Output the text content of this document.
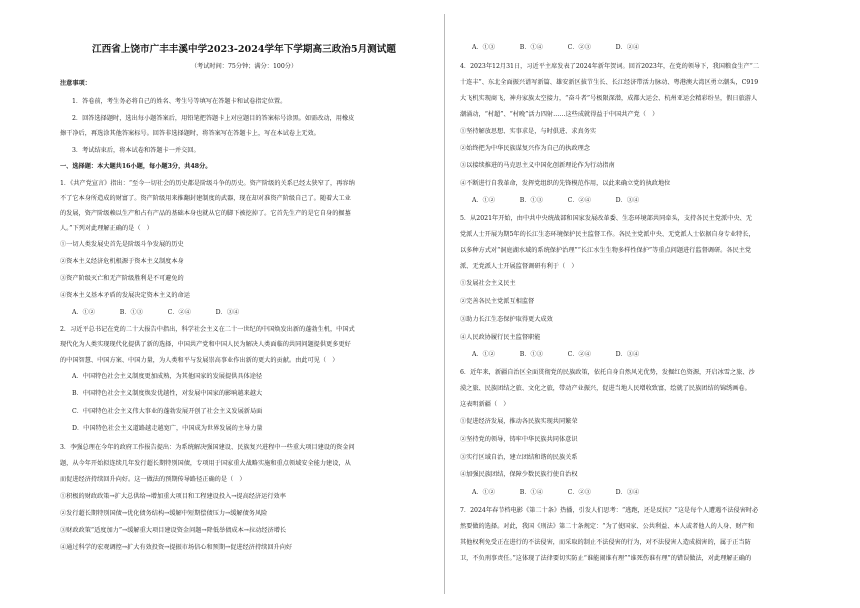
江西省上饶市广丰丰溪中学2023-2024学年下学期高三政治5月测试题
（考试时间：75分钟；满分：100分）
注意事项：
1．答卷前，考生务必将自己的姓名、考生号等填写在答题卡和试卷指定位置。
2．回答选择题时，选出每小题答案后，用铅笔把答题卡上对应题目的答案标号涂黑。如需改动，用橡皮
擦干净后，再选涂其他答案标号。回答非选择题时，将答案写在答题卡上，写在本试卷上无效。
3．考试结束后，将本试卷和答题卡一并交回。
一、选择题：本大题共16小题，每小题3分，共48分。
1．《共产党宣言》指出：“至今一切社会的历史都是阶级斗争的历史。资产阶级的关系已经太狭窄了，再容纳
不了它本身所造成的财富了。资产阶级用来推翻封建制度的武器，现在却对准资产阶级自己了。随着大工业
的发展，资产阶级赖以生产和占有产品的基础本身也就从它的脚下被挖掉了。它首先生产的是它自身的掘墓
人。”下列对此理解正确的是（　）
①一切人类发展史首先是阶级斗争发展的历史
②资本主义经济危机根源于资本主义制度本身
③资产阶级灭亡和无产阶级胜利是不可避免的
④资本主义基本矛盾的发展决定资本主义的命运
A．①②　　　　B．①③　　　　C．②④　　　　D．③④
2．习近平总书记在党的二十大报告中指出，科学社会主义在二十一世纪的中国焕发出新的蓬勃生机，中国式
现代化为人类实现现代化提供了新的选择，中国共产党和中国人民为解决人类面临的共同问题提供更多更好
的中国智慧、中国方案、中国力量，为人类和平与发展崇高事业作出新的更大的贡献。由此可见（　）
A．中国特色社会主义制度更加成熟，为其他国家的发展提供具体途径
B．中国特色社会主义制度焕发优越性，对发展中国家的影响越来越大
C．中国特色社会主义伟大事业的蓬勃发展开创了社会主义发展新局面
D．中国特色社会主义道路越走越宽广，中国成为世界发展的主导力量
3．李强总理在今年的政府工作报告提出：为系统解决强国建设、民族复兴进程中一些重大项目建设的资金问
题，从今年开始拟连续几年发行超长期特别国债，专项用于国家重大战略实施和重点领域安全能力建设，从
而促进经济持续回升向好。这一做法的预期传导路径正确的是（　）
①积极的财政政策→扩大总供给→增加重大项目和工程建设投入→提高经济运行效率
②发行超长期特别国债→优化债务结构→缓解中短期偿债压力→缓解债务风险
③财政政策“适度加力”→缓解重大项目建设资金问题→降低举债成本→拉动经济增长
④通过科学的宏观调控→扩大有效投资→提振市场信心和预期→促进经济持续回升向好
A．①③　　　　B．①④　　　　C．②③　　　　D．②④
4．2023年12月31日，习近平主席发表了2024年新年贺词。回首2023年，在党的领导下，我国粮食生产“二
十连丰”、东北全面振兴谱写新篇、雄安新区拔节生长、长江经济带活力脉动、粤港澳大湾区勇立潮头，C919
大飞机实现商飞，神舟家族太空接力，“奋斗者”号极限深潜，成都大运会、杭州亚运会精彩纷呈，假日旅游人
潮涌动，“村超”、“村晚”活力四射……这些成就得益于中国共产党（　）
①坚持解放思想、实事求是，与时俱进、求真务实
②始终把为中华民族谋复兴作为自己的执政理念
③以接续推进的马克思主义中国化创新理论作为行动指南
④不断进行自我革命，发挥党组织的先锋模范作用，以此来确立党的执政地位
A．①②　　　　B．①③　　　　C．②④　　　　D．③④
5．从2021年开始，由中共中央统战部和国家发展改革委、生态环境部共同牵头，支持各民主党派中央、无
党派人士开展为期5年的长江生态环境保护民主监督工作。各民主党派中央、无党派人士依据自身专业特长，
以多种方式对“洞庭湖水域的系统保护治理”“长江水生生物多样性保护”等重点问题进行监督调研。各民主党
派、无党派人士开展监督调研有利于（　）
①发展社会主义民主
②完善各民主党派互相监督
③助力长江生态保护取得更大成效
④人民政协履行民主监督职能
A．①②　　　　B．①③　　　　C．②④　　　　D．③④
6．近年来，新疆自治区全面贯彻党的民族政策，依托自身自然风光优势，发掘红色资源，开启冰雪之旅、沙
漠之旅、民族团结之旅、文化之旅，带动产业振兴，促进当地人民增收致富，绘就了民族团结的锦绣画卷。
这表明新疆（　）
①促进经济发展，推动各民族实现共同繁荣
②坚持党的领导，铸牢中华民族共同体意识
③实行区域自治，建立团结和谐的民族关系
④加强民族团结，保障少数民族行使自治权
A．①②　　　　B．①④　　　　C．②③　　　　D．③④
7．2024年春节档电影《第二十条》热播，引发人们思考：“逃跑，还是反抗？”这是每个人遭遇不法侵害时必
然要做的选择。对此，我国《刑法》第二十条规定：“为了使国家、公共利益、本人或者他人的人身、财产和
其他权利免受正在进行的不法侵害，而采取的制止不法侵害的行为，对不法侵害人造成损害的，属于正当防
卫，不负刑事责任。”这体现了法律要切实防止“谁能闹谁有理”“谁死伤谁有理”的错误做法，对此理解正确的
